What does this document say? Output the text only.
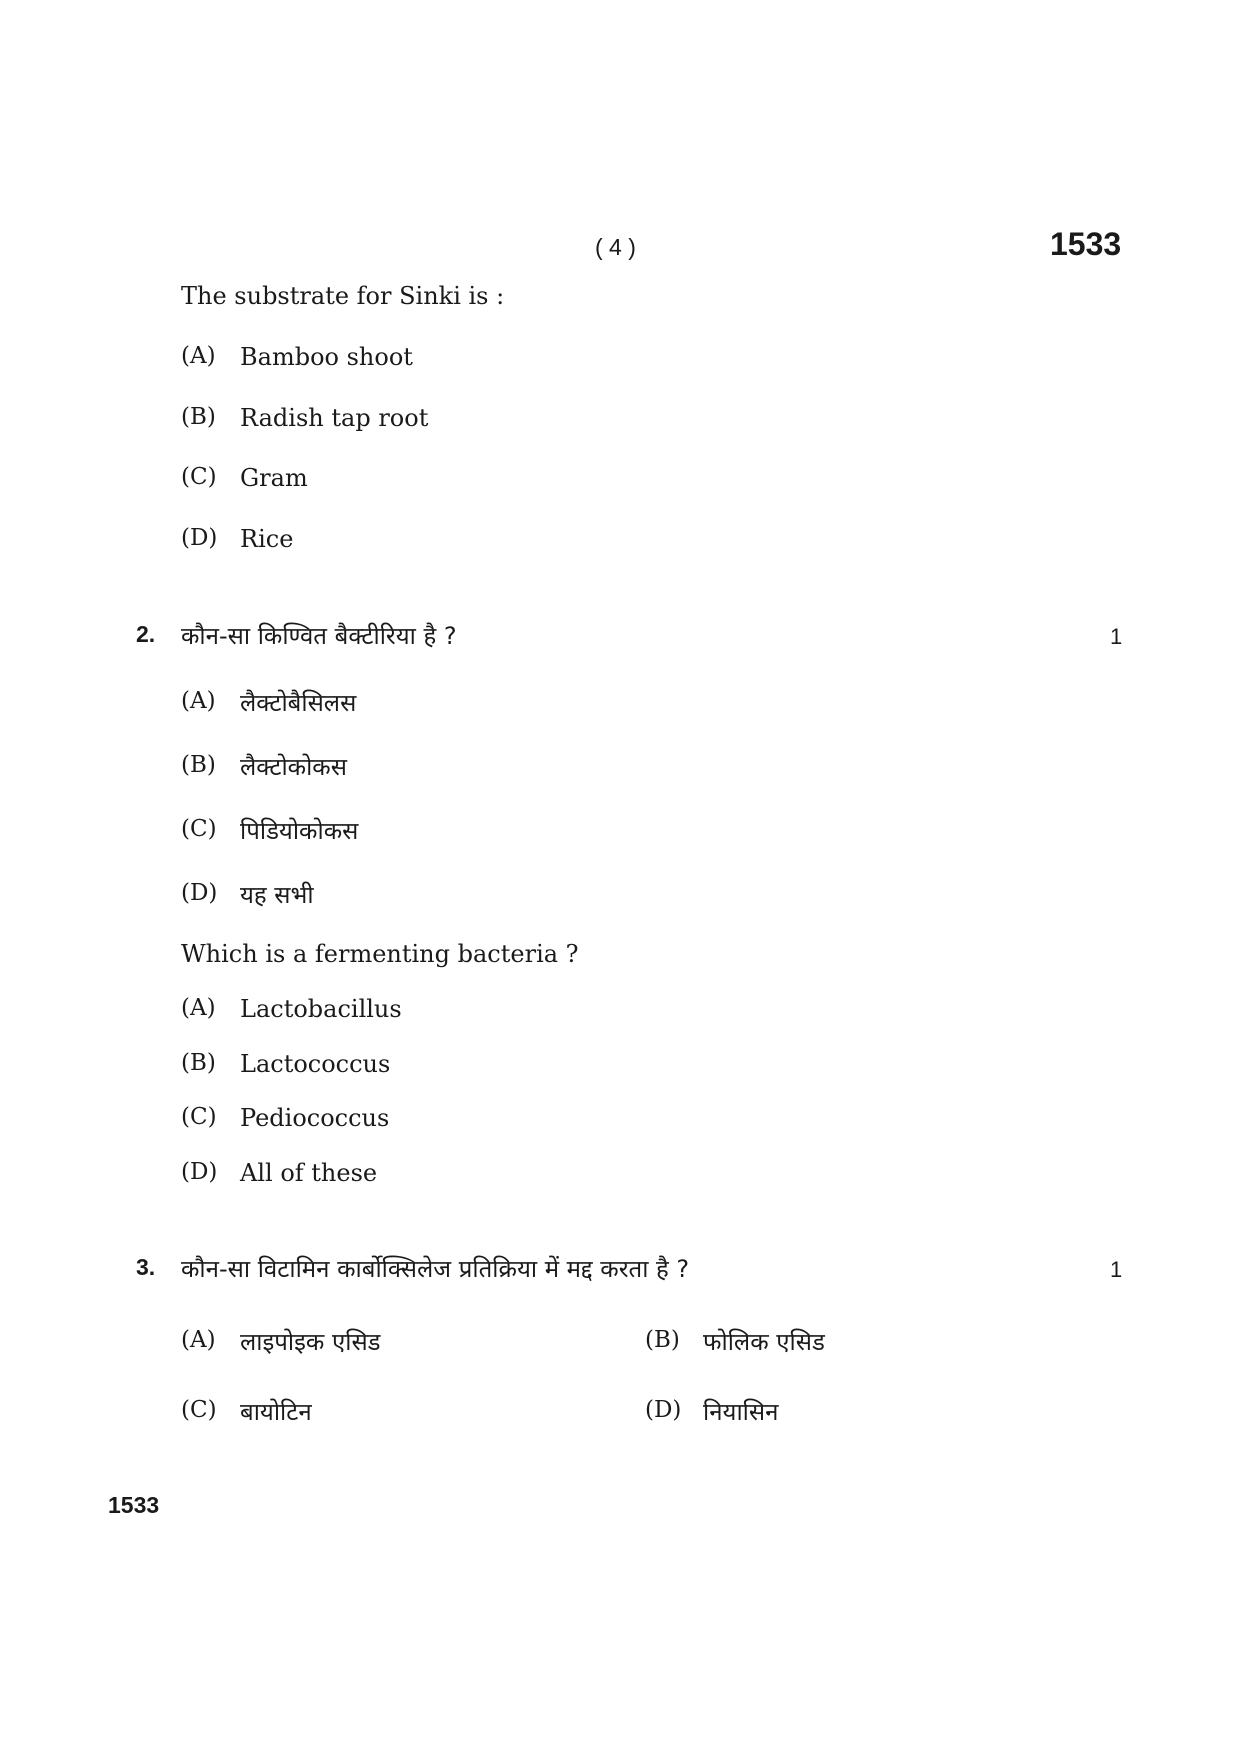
( 4 )	1533
The substrate for Sinki is :
(A) Bamboo shoot
(B) Radish tap root
(C) Gram
(D) Rice
2. कौन-सा किण्वित बैक्टीरिया है ?	1
(A) लैक्टोबैसिलस
(B) लैक्टोकोकस
(C) पिडियोकोकस
(D) यह सभी
Which is a fermenting bacteria ?
(A) Lactobacillus
(B) Lactococcus
(C) Pediococcus
(D) All of these
3. कौन-सा विटामिन कार्बोक्सिलेज प्रतिक्रिया में मद्द करता है ?	1
(A) लाइपोइक एसिड	(B) फोलिक एसिड
(C) बायोटिन	(D) नियासिन
1533
